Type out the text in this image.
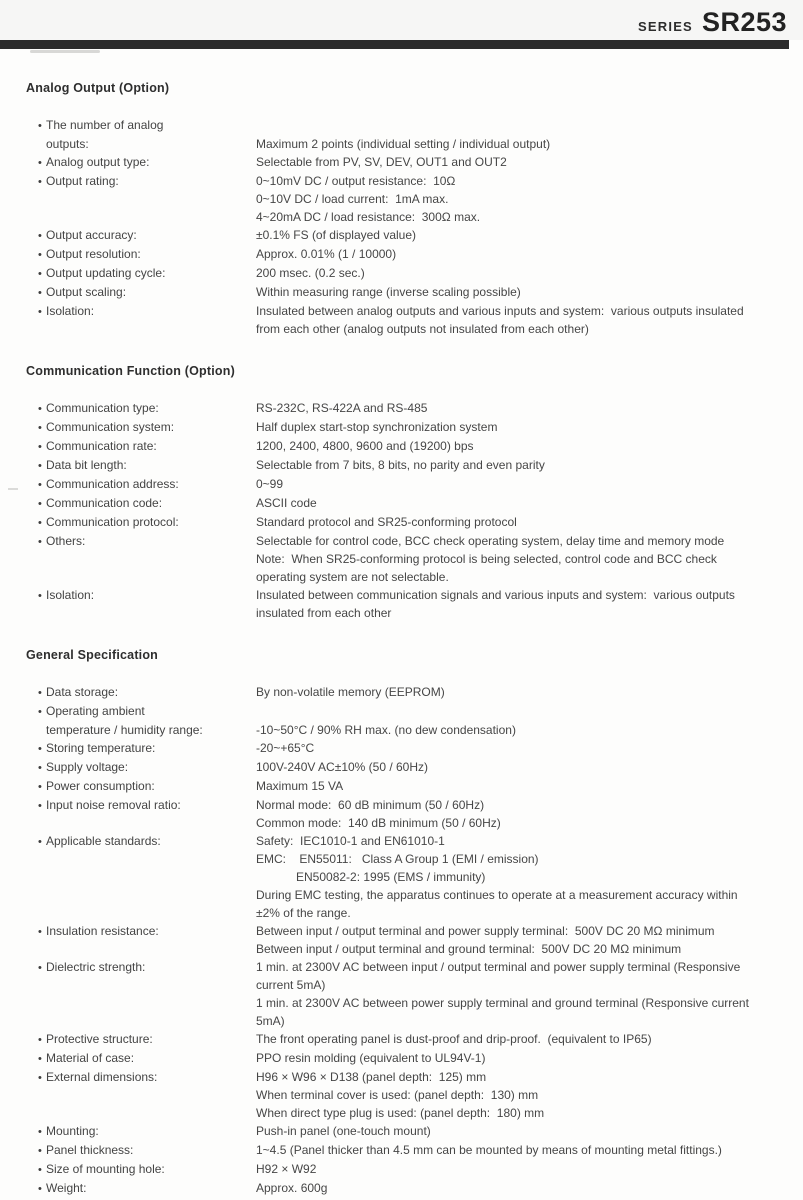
SERIES SR253
Analog Output (Option)
• The number of analog
outputs:	Maximum 2 points (individual setting / individual output)
• Analog output type:	Selectable from PV, SV, DEV, OUT1 and OUT2
• Output rating:	0~10mV DC / output resistance:  10Ω
0~10V DC / load current:  1mA max.
4~20mA DC / load resistance:  300Ω max.
• Output accuracy:	±0.1% FS (of displayed value)
• Output resolution:	Approx. 0.01% (1 / 10000)
• Output updating cycle:	200 msec. (0.2 sec.)
• Output scaling:	Within measuring range (inverse scaling possible)
• Isolation:	Insulated between analog outputs and various inputs and system:  various outputs insulated
from each other (analog outputs not insulated from each other)
Communication Function (Option)
• Communication type:	RS-232C, RS-422A and RS-485
• Communication system:	Half duplex start-stop synchronization system
• Communication rate:	1200, 2400, 4800, 9600 and (19200) bps
• Data bit length:	Selectable from 7 bits, 8 bits, no parity and even parity
• Communication address:	0~99
• Communication code:	ASCII code
• Communication protocol:	Standard protocol and SR25-conforming protocol
• Others:	Selectable for control code, BCC check operating system, delay time and memory mode
Note:  When SR25-conforming protocol is being selected, control code and BCC check
operating system are not selectable.
• Isolation:	Insulated between communication signals and various inputs and system:  various outputs
insulated from each other
General Specification
• Data storage:	By non-volatile memory (EEPROM)
• Operating ambient
temperature / humidity range:	-10~50°C / 90% RH max. (no dew condensation)
• Storing temperature:	-20~+65°C
• Supply voltage:	100V-240V AC±10% (50 / 60Hz)
• Power consumption:	Maximum 15 VA
• Input noise removal ratio:	Normal mode:  60 dB minimum (50 / 60Hz)
Common mode:  140 dB minimum (50 / 60Hz)
• Applicable standards:	Safety:  IEC1010-1 and EN61010-1
EMC:    EN55011:   Class A Group 1 (EMI / emission)
EN50082-2: 1995 (EMS / immunity)
During EMC testing, the apparatus continues to operate at a measurement accuracy within
±2% of the range.
• Insulation resistance:	Between input / output terminal and power supply terminal:  500V DC 20 MΩ minimum
Between input / output terminal and ground terminal:  500V DC 20 MΩ minimum
• Dielectric strength:	1 min. at 2300V AC between input / output terminal and power supply terminal (Responsive
current 5mA)
1 min. at 2300V AC between power supply terminal and ground terminal (Responsive current
5mA)
• Protective structure:	The front operating panel is dust-proof and drip-proof.  (equivalent to IP65)
• Material of case:	PPO resin molding (equivalent to UL94V-1)
• External dimensions:	H96 × W96 × D138 (panel depth:  125) mm
When terminal cover is used: (panel depth:  130) mm
When direct type plug is used: (panel depth:  180) mm
• Mounting:	Push-in panel (one-touch mount)
• Panel thickness:	1~4.5 (Panel thicker than 4.5 mm can be mounted by means of mounting metal fittings.)
• Size of mounting hole:	H92 × W92
• Weight:	Approx. 600g
